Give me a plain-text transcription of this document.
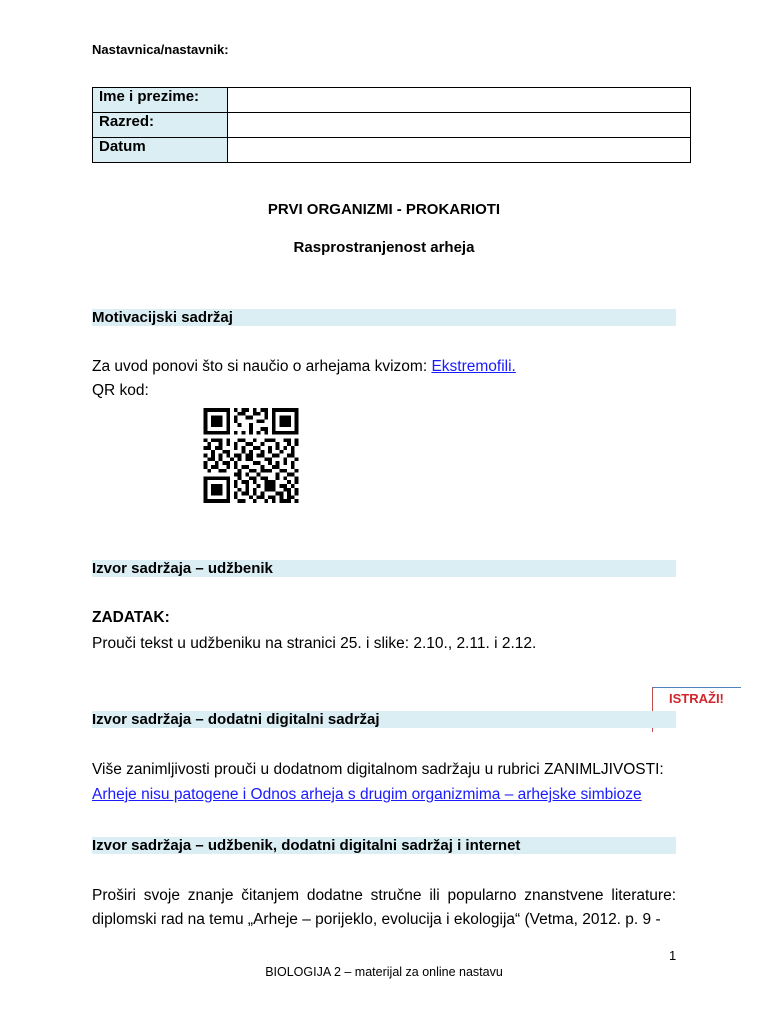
Nastavnica/nastavnik:
Ime i prezime:	
Razred:	
Datum	
PRVI ORGANIZMI - PROKARIOTI
Rasprostranjenost arheja
Motivacijski sadržaj
Za uvod ponovi što si naučio o arhejama kvizom: Ekstremofili.
QR kod:
Izvor sadržaja – udžbenik
ZADATAK:
Prouči tekst u udžbeniku na stranici 25. i slike: 2.10., 2.11. i 2.12.
ISTRAŽI!
Izvor sadržaja – dodatni digitalni sadržaj
Više zanimljivosti prouči u dodatnom digitalnom sadržaju u rubrici ZANIMLJIVOSTI:
Arheje nisu patogene i Odnos arheja s drugim organizmima – arhejske simbioze
Izvor sadržaja – udžbenik, dodatni digitalni sadržaj i internet
Proširi svoje znanje čitanjem dodatne stručne ili popularno znanstvene literature: diplomski rad na temu „Arheje – porijeklo, evolucija i ekologija“ (Vetma, 2012. p. 9 -
1
BIOLOGIJA 2 – materijal za online nastavu
